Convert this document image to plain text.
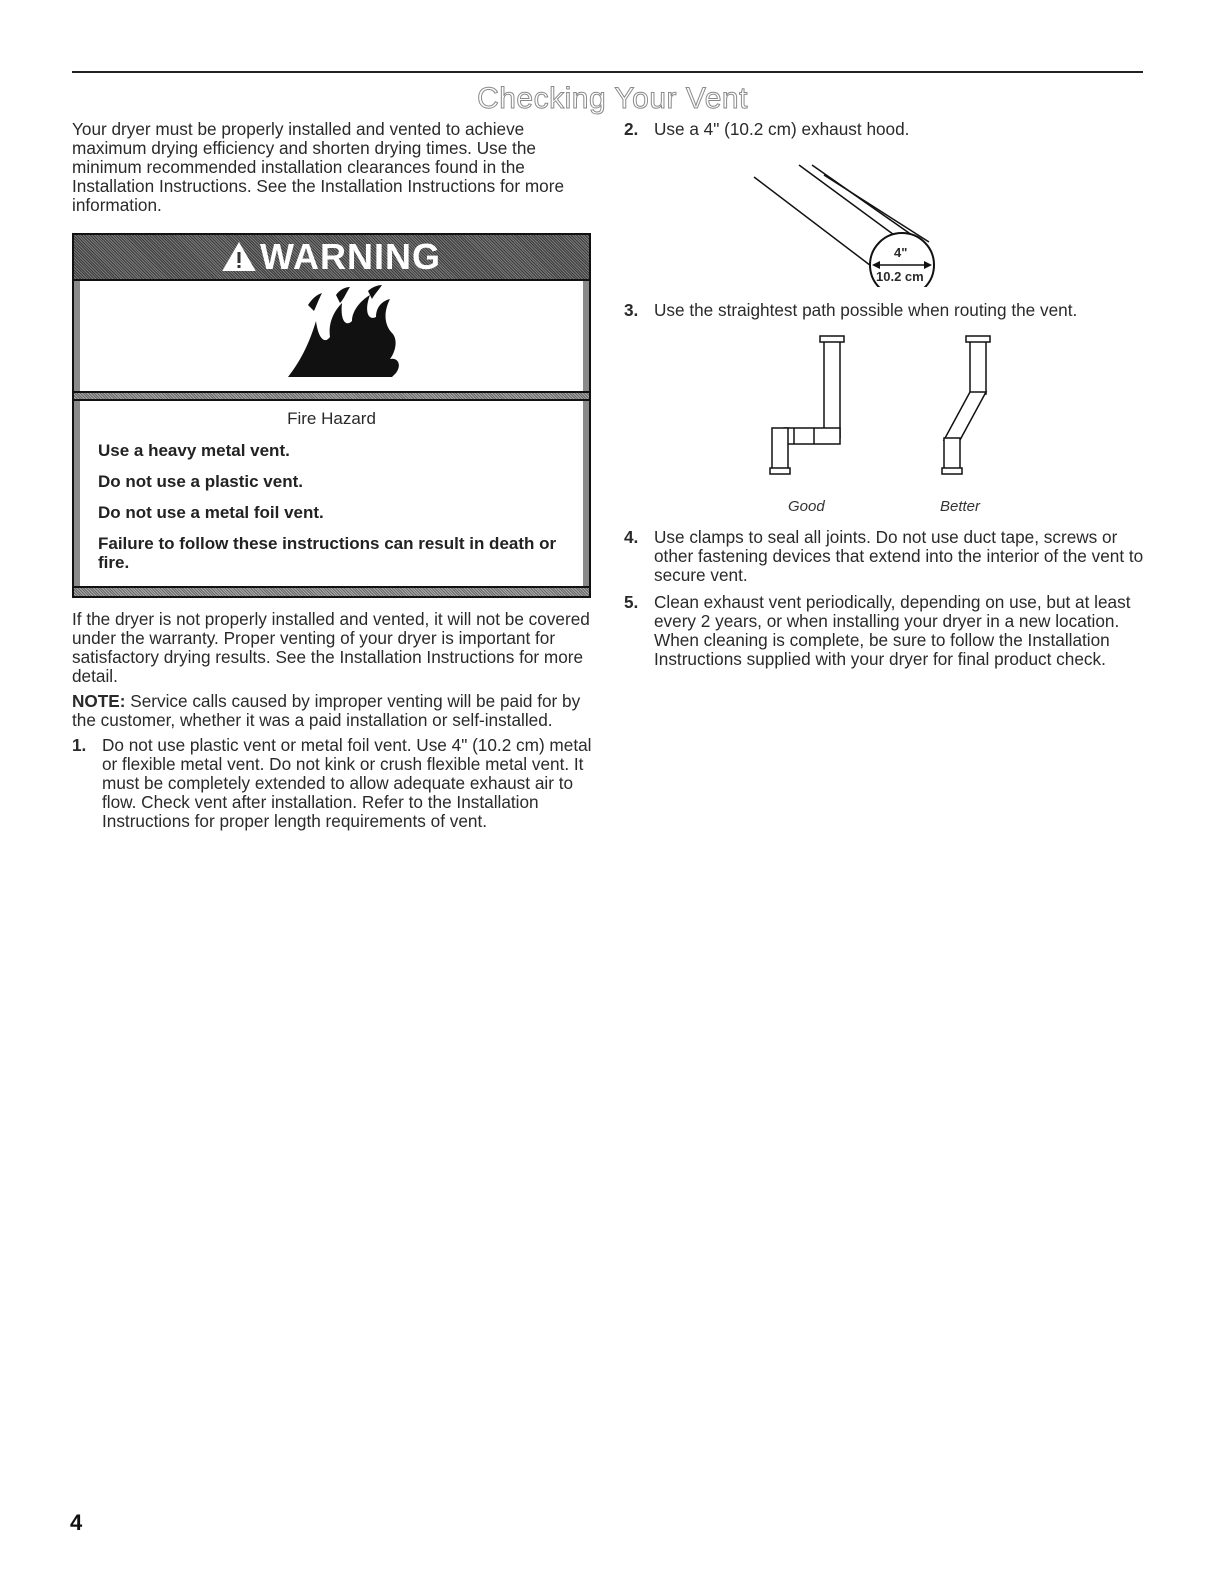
Checking Your Vent

Your dryer must be properly installed and vented to achieve maximum drying efficiency and shorten drying times. Use the minimum recommended installation clearances found in the Installation Instructions. See the Installation Instructions for more information.

WARNING
Fire Hazard
Use a heavy metal vent.
Do not use a plastic vent.
Do not use a metal foil vent.
Failure to follow these instructions can result in death or fire.

If the dryer is not properly installed and vented, it will not be covered under the warranty. Proper venting of your dryer is important for satisfactory drying results. See the Installation Instructions for more detail.

NOTE: Service calls caused by improper venting will be paid for by the customer, whether it was a paid installation or self-installed.

1. Do not use plastic vent or metal foil vent. Use 4" (10.2 cm) metal or flexible metal vent. Do not kink or crush flexible metal vent. It must be completely extended to allow adequate exhaust air to flow. Check vent after installation. Refer to the Installation Instructions for proper length requirements of vent.
2. Use a 4" (10.2 cm) exhaust hood.
4"
10.2 cm
3. Use the straightest path possible when routing the vent.
Good	Better
4. Use clamps to seal all joints. Do not use duct tape, screws or other fastening devices that extend into the interior of the vent to secure vent.
5. Clean exhaust vent periodically, depending on use, but at least every 2 years, or when installing your dryer in a new location. When cleaning is complete, be sure to follow the Installation Instructions supplied with your dryer for final product check.
4
